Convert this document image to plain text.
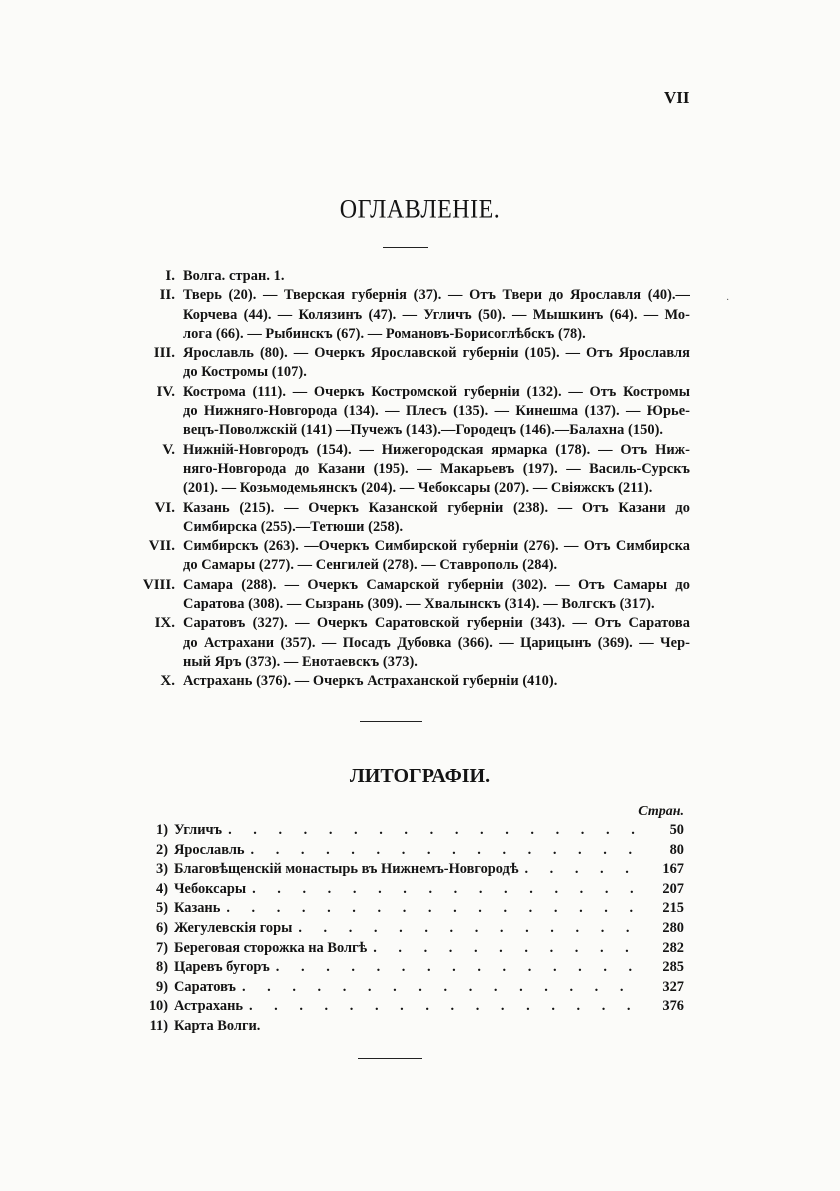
VII
ОГЛАВЛЕНІЕ.
·
I. Волга. стран. 1.
II. Тверь (20). — Тверская губернія (37). — Отъ Твери до Ярославля (40).—
Корчева (44). — Колязинъ (47). — Угличъ (50). — Мышкинъ (64). — Мо-
лога (66). — Рыбинскъ (67). — Романовъ-Борисоглѣбскъ (78).
III. Ярославль (80). — Очеркъ Ярославской губерніи (105). — Отъ Ярославля
до Костромы (107).
IV. Кострома (111). — Очеркъ Костромской губерніи (132). — Отъ Костромы
до Нижняго-Новгорода (134). — Плесъ (135). — Кинешма (137). — Юрье-
вецъ-Поволжскій (141) —Пучежъ (143).—Городецъ (146).—Балахна (150).
V. Нижній-Новгородъ (154). — Нижегородская ярмарка (178). — Отъ Ниж-
няго-Новгорода до Казани (195). — Макарьевъ (197). — Василь-Сурскъ
(201). — Козьмодемьянскъ (204). — Чебоксары (207). — Свіяжскъ (211).
VI. Казань (215). — Очеркъ Казанской губерніи (238). — Отъ Казани до
Симбирска (255).—Тетюши (258).
VII. Симбирскъ (263). —Очеркъ Симбирской губерніи (276). — Отъ Симбирска
до Самары (277). — Сенгилей (278). — Ставрополь (284).
VIII. Самара (288). — Очеркъ Самарской губерніи (302). — Отъ Самары до
Саратова (308). — Сызрань (309). — Хвалынскъ (314). — Волгскъ (317).
IX. Саратовъ (327). — Очеркъ Саратовской губерніи (343). — Отъ Саратова
до Астрахани (357). — Посадъ Дубовка (366). — Царицынъ (369). — Чер-
ный Яръ (373). — Енотаевскъ (373).
X. Астрахань (376). — Очеркъ Астраханской губерніи (410).
ЛИТОГРАФІИ.
Стран.
1) Угличъ . . .	50
2) Ярославль . . .	80
3) Благовѣщенскій монастырь въ Нижнемъ-Новгородѣ . . .	167
4) Чебоксары . . .	207
5) Казань . . .	215
6) Жегулевскія горы . . .	280
7) Береговая сторожка на Волгѣ . . .	282
8) Царевъ бугоръ . . .	285
9) Саратовъ . . .	327
10) Астрахань . . .	376
11) Карта Волги.
